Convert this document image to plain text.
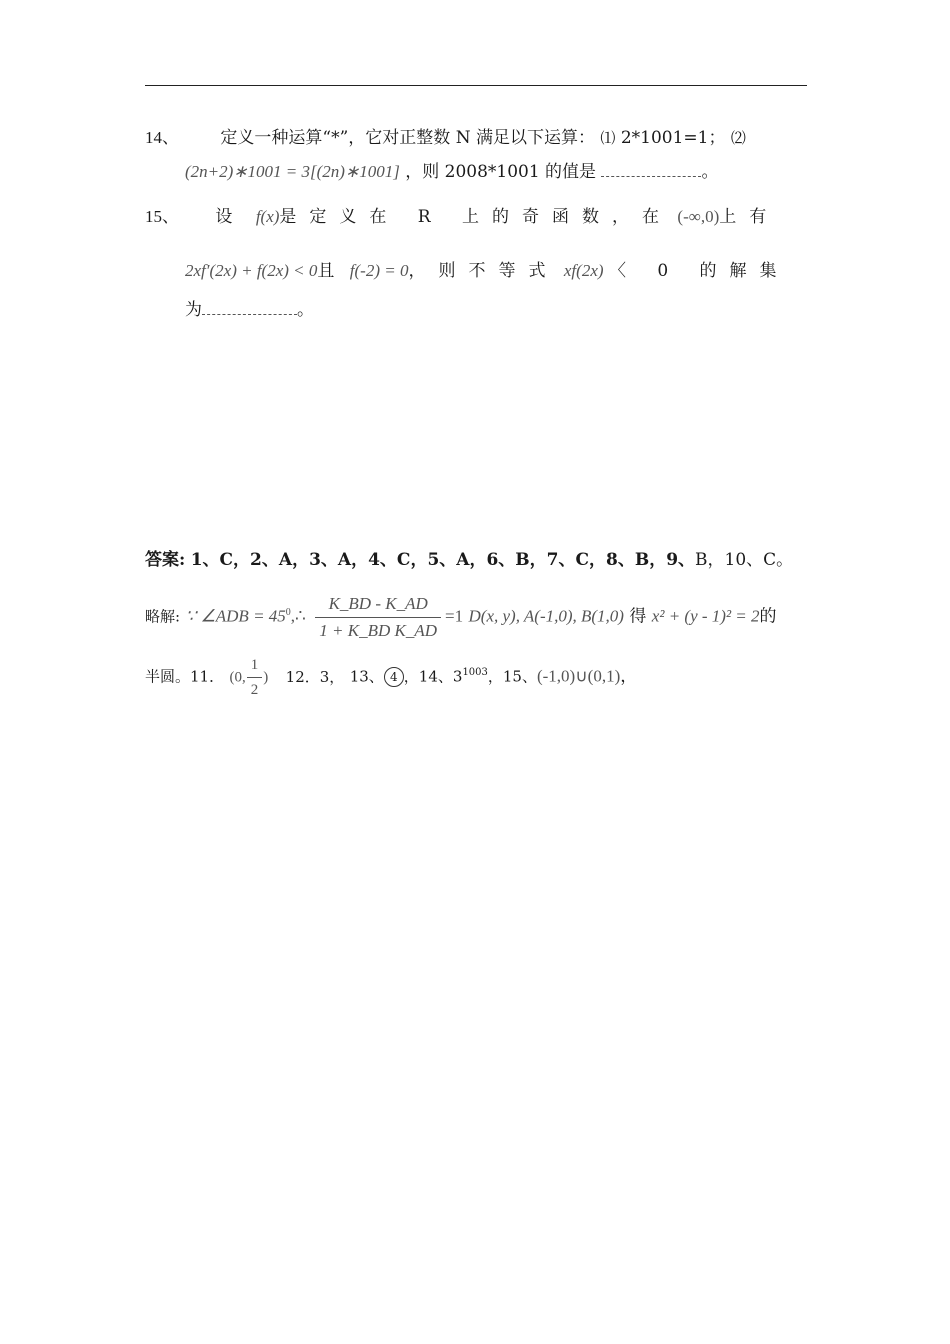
14、 定义一种运算“*”，它对正整数 N 满足以下运算： ⑴ 2*1001=1； ⑵
(2n+2)∗1001 = 3[(2n)∗1001] ，则 2008*1001 的值是	。
15、 设 f(x)是定义在 R 上的奇函数，在 (-∞,0)上有
2xf′(2x) + f(2x) < 0且 f(-2) = 0，则不等式 xf(2x) 〈 0 的解集
为	。
答案: 1、C，2、A，3、A，4、C，5、A，6、B，7、C，8、B，9、B，10、C。
略解: ∵ ∠ADB = $45^0,\therefore \frac{K\_BD - K\_AD}{\text{1 + K\_BD K\_AD}} =1$ D(x, y), A(-1,0), B(1,0) 得 x² + (y - 1)² = 2的
半圆。11． (0, $\frac{1}{2}$ ) 12．3， 13、 4 ，14、$3^{1003}$，15、(-1,0)∪(0,1)，
